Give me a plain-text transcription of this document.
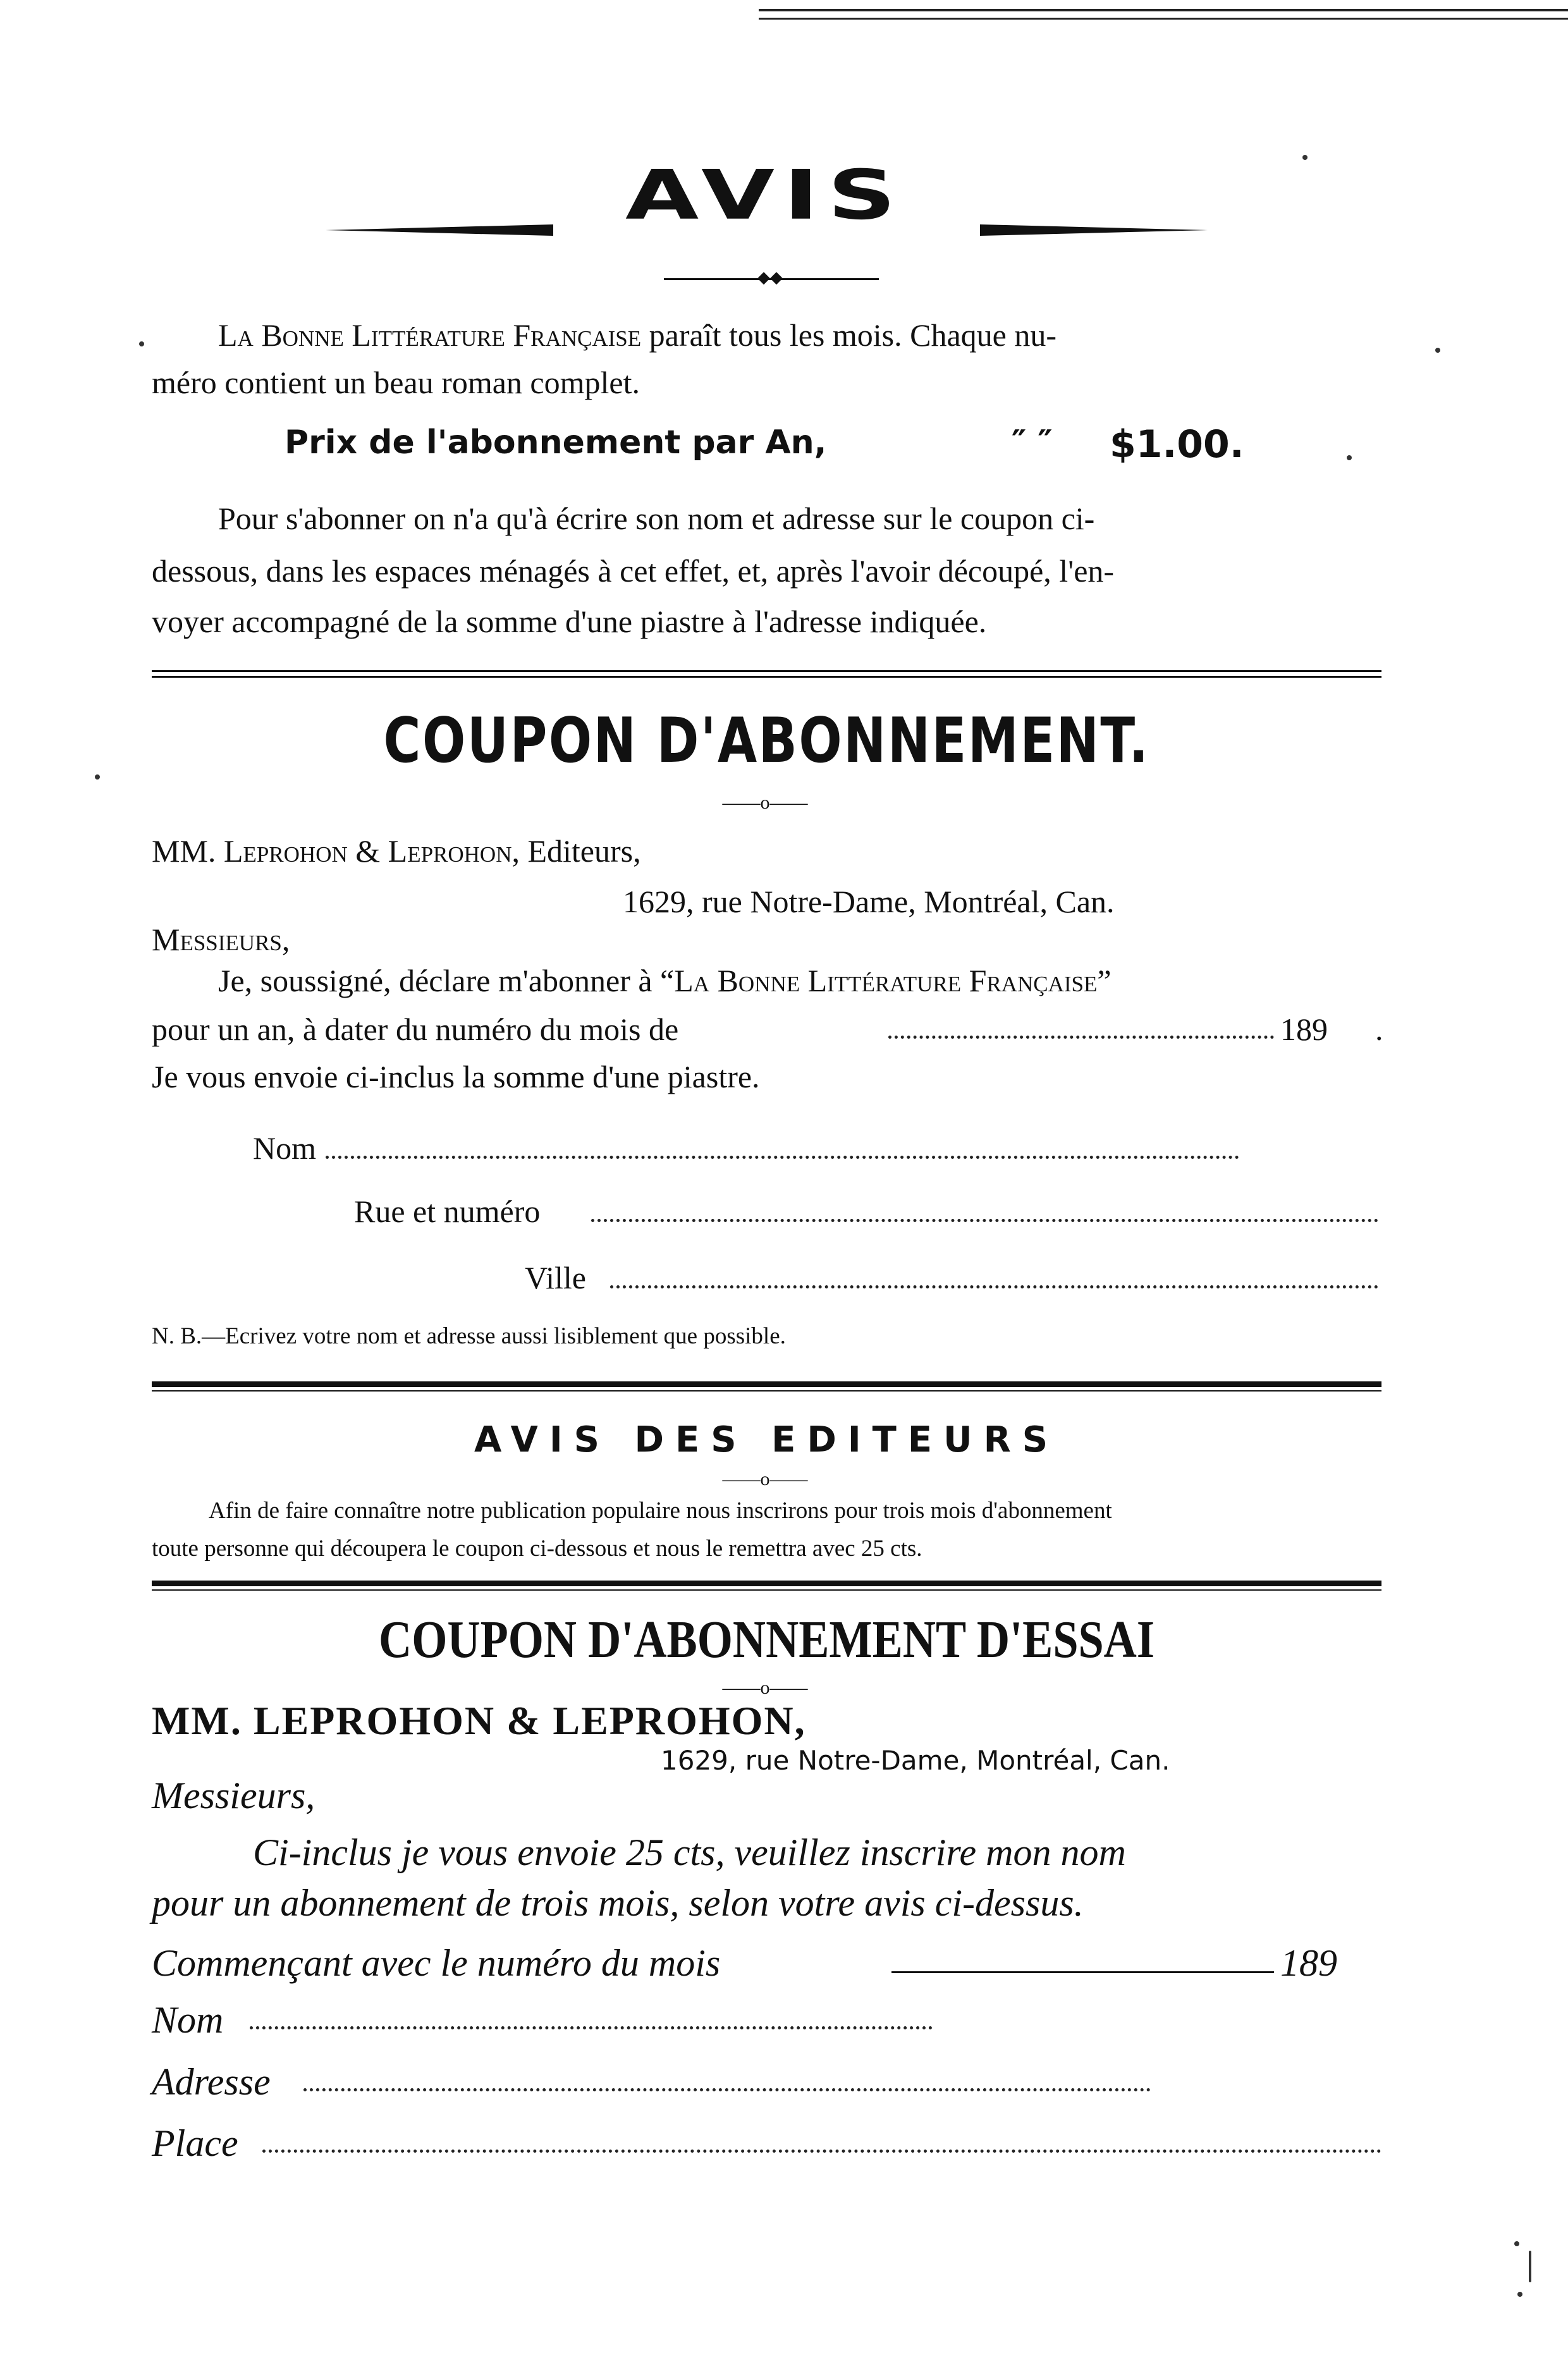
AVIS
◆◆
La Bonne Littérature Française paraît tous les mois. Chaque nu-
méro contient un beau roman complet.
Prix de l'abonnement par An,	″ ″ $1.00.
Pour s'abonner on n'a qu'à écrire son nom et adresse sur le coupon ci-
dessous, dans les espaces ménagés à cet effet, et, après l'avoir découpé, l'en-
voyer accompagné de la somme d'une piastre à l'adresse indiquée.
COUPON D'ABONNEMENT.
——o——
MM. Leprohon & Leprohon, Editeurs,
1629, rue Notre-Dame, Montréal, Can.
Messieurs,
Je, soussigné, déclare m'abonner à “La Bonne Littérature Française”
pour un an, à dater du numéro du mois de	189 .
Je vous envoie ci-inclus la somme d'une piastre.
Nom
Rue et numéro
Ville
N. B.—Ecrivez votre nom et adresse aussi lisiblement que possible.
AVIS DES EDITEURS
——o——
Afin de faire connaître notre publication populaire nous inscrirons pour trois mois d'abonnement
toute personne qui découpera le coupon ci-dessous et nous le remettra avec 25 cts.
COUPON D'ABONNEMENT D'ESSAI
——o——
MM. LEPROHON & LEPROHON,
1629, rue Notre-Dame, Montréal, Can.
Messieurs,
Ci-inclus je vous envoie 25 cts, veuillez inscrire mon nom
pour un abonnement de trois mois, selon votre avis ci-dessus.
Commençant avec le numéro du mois	189
Nom
Adresse
Place
